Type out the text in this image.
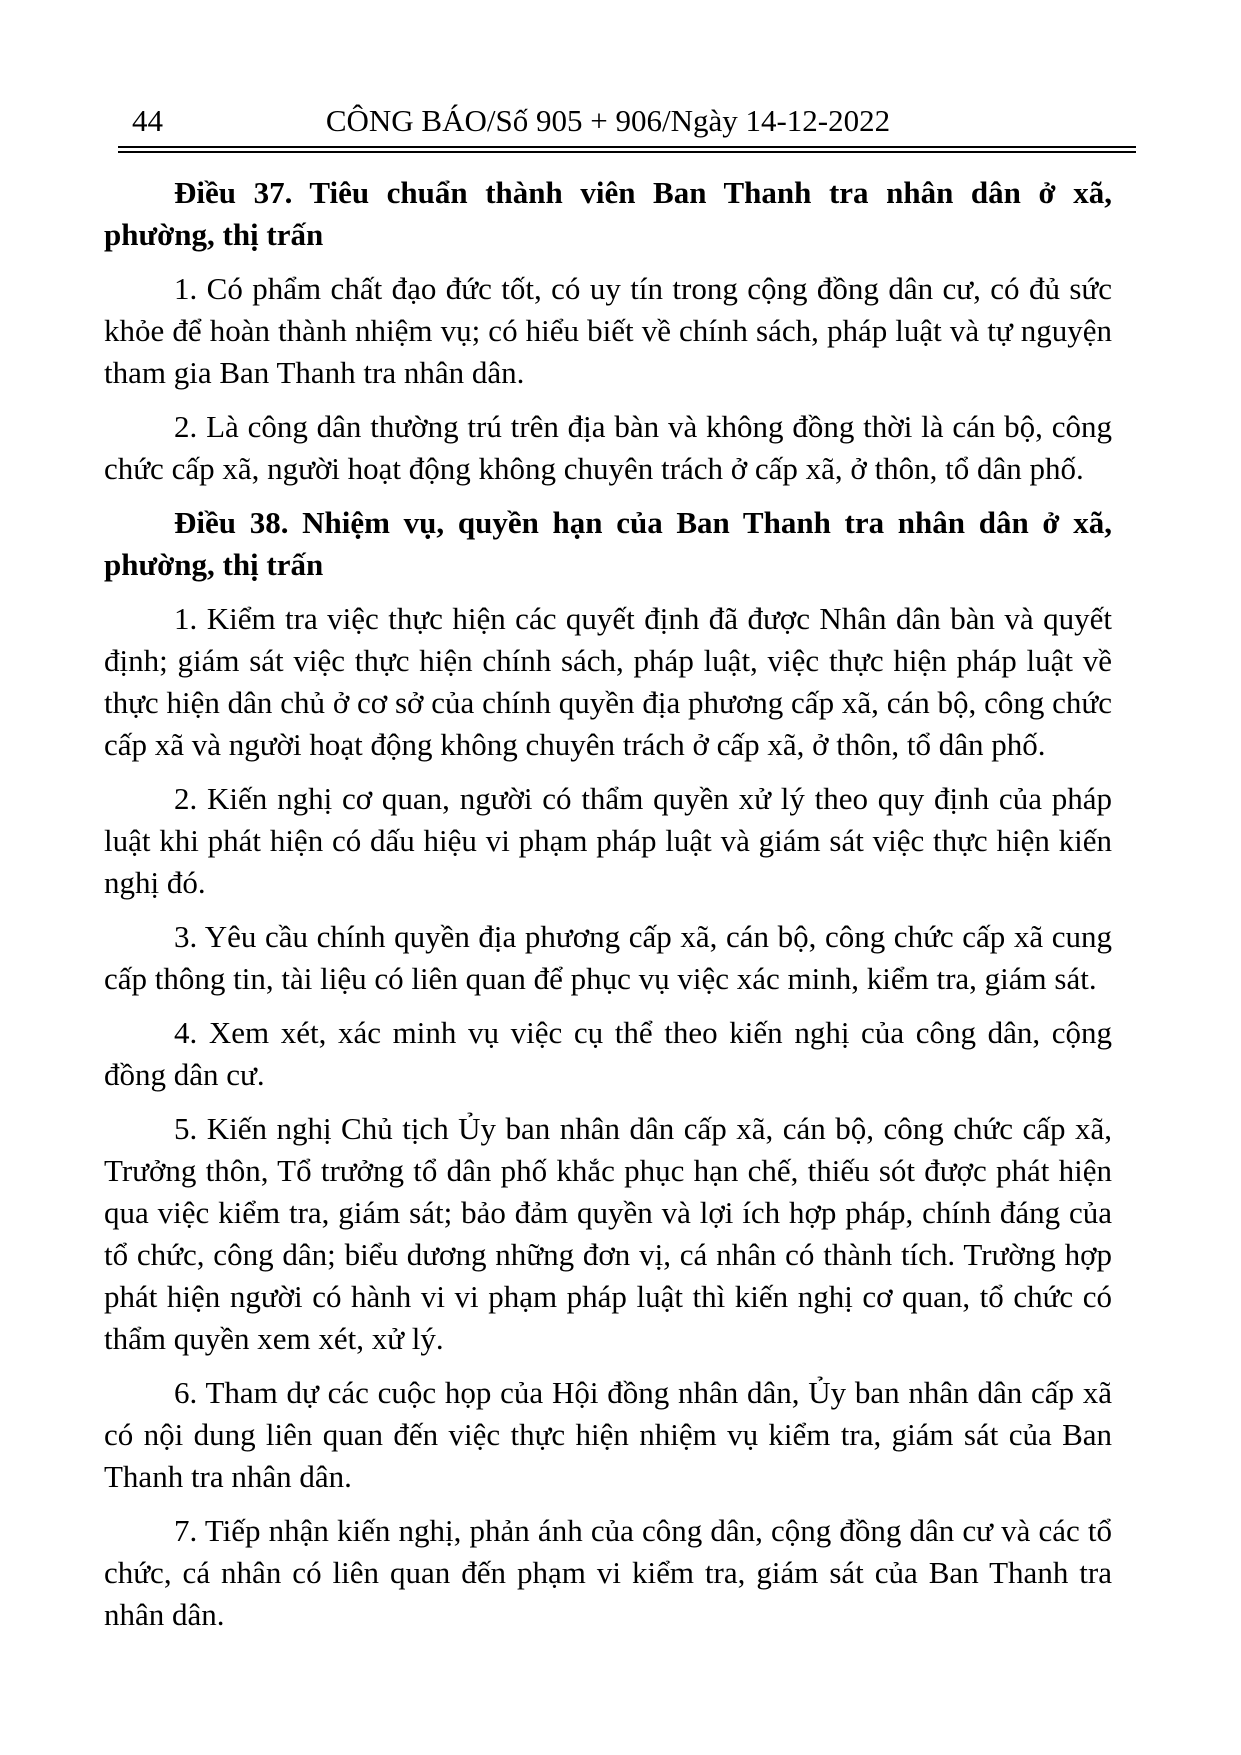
44	CÔNG BÁO/Số 905 + 906/Ngày 14-12-2022
Điều 37. Tiêu chuẩn thành viên Ban Thanh tra nhân dân ở xã, phường, thị trấn

1. Có phẩm chất đạo đức tốt, có uy tín trong cộng đồng dân cư, có đủ sức khỏe để hoàn thành nhiệm vụ; có hiểu biết về chính sách, pháp luật và tự nguyện tham gia Ban Thanh tra nhân dân.

2. Là công dân thường trú trên địa bàn và không đồng thời là cán bộ, công chức cấp xã, người hoạt động không chuyên trách ở cấp xã, ở thôn, tổ dân phố.

Điều 38. Nhiệm vụ, quyền hạn của Ban Thanh tra nhân dân ở xã, phường, thị trấn

1. Kiểm tra việc thực hiện các quyết định đã được Nhân dân bàn và quyết định; giám sát việc thực hiện chính sách, pháp luật, việc thực hiện pháp luật về thực hiện dân chủ ở cơ sở của chính quyền địa phương cấp xã, cán bộ, công chức cấp xã và người hoạt động không chuyên trách ở cấp xã, ở thôn, tổ dân phố.

2. Kiến nghị cơ quan, người có thẩm quyền xử lý theo quy định của pháp luật khi phát hiện có dấu hiệu vi phạm pháp luật và giám sát việc thực hiện kiến nghị đó.

3. Yêu cầu chính quyền địa phương cấp xã, cán bộ, công chức cấp xã cung cấp thông tin, tài liệu có liên quan để phục vụ việc xác minh, kiểm tra, giám sát.

4. Xem xét, xác minh vụ việc cụ thể theo kiến nghị của công dân, cộng đồng dân cư.

5. Kiến nghị Chủ tịch Ủy ban nhân dân cấp xã, cán bộ, công chức cấp xã, Trưởng thôn, Tổ trưởng tổ dân phố khắc phục hạn chế, thiếu sót được phát hiện qua việc kiểm tra, giám sát; bảo đảm quyền và lợi ích hợp pháp, chính đáng của tổ chức, công dân; biểu dương những đơn vị, cá nhân có thành tích. Trường hợp phát hiện người có hành vi vi phạm pháp luật thì kiến nghị cơ quan, tổ chức có thẩm quyền xem xét, xử lý.

6. Tham dự các cuộc họp của Hội đồng nhân dân, Ủy ban nhân dân cấp xã có nội dung liên quan đến việc thực hiện nhiệm vụ kiểm tra, giám sát của Ban Thanh tra nhân dân.

7. Tiếp nhận kiến nghị, phản ánh của công dân, cộng đồng dân cư và các tổ chức, cá nhân có liên quan đến phạm vi kiểm tra, giám sát của Ban Thanh tra nhân dân.
